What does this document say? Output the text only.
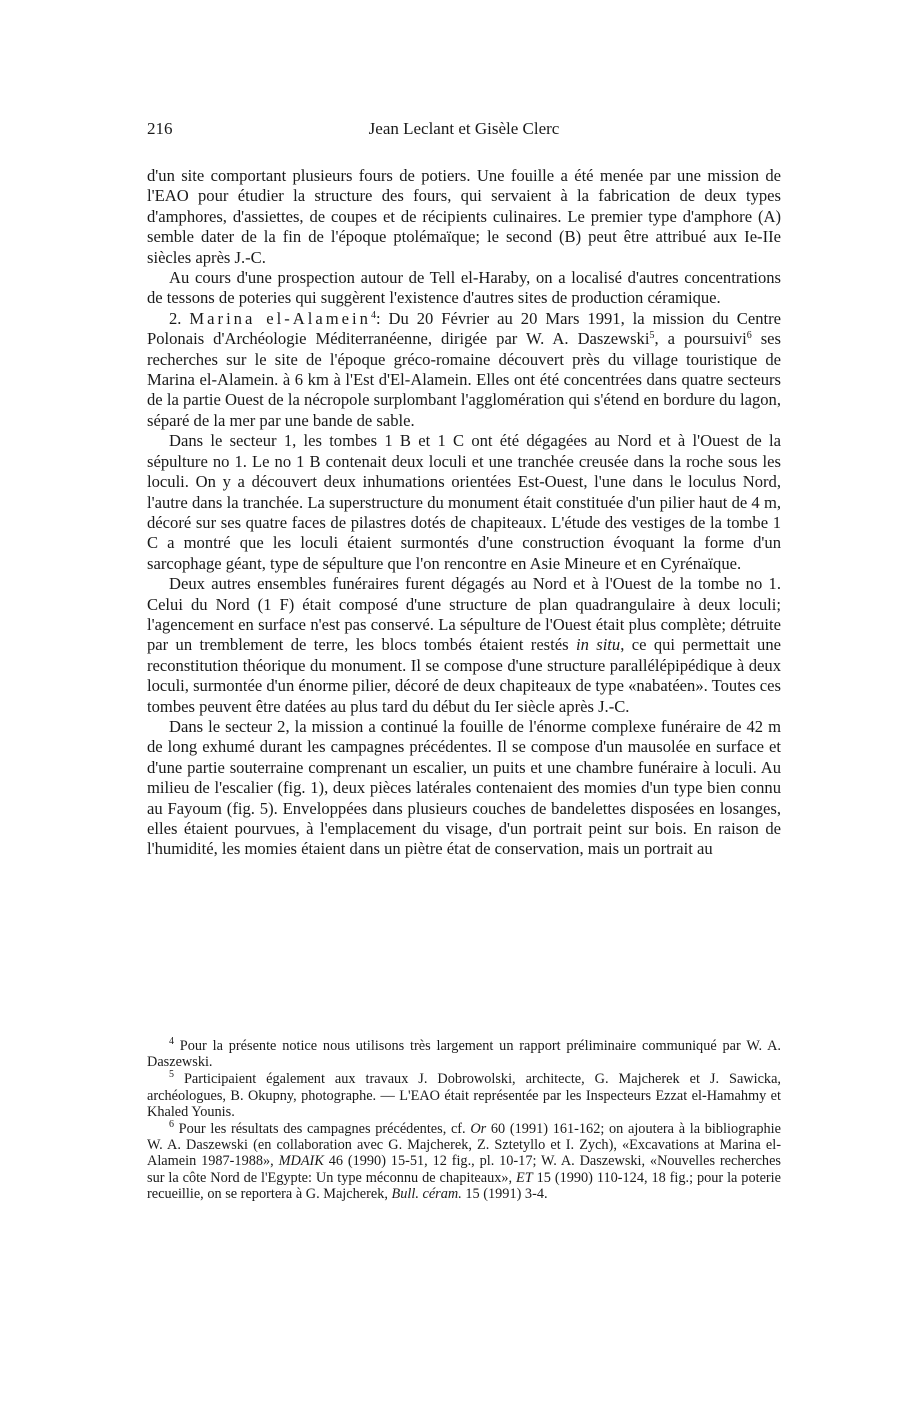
216	Jean Leclant et Gisèle Clerc

d'un site comportant plusieurs fours de potiers. Une fouille a été menée par une mission de l'EAO pour étudier la structure des fours, qui servaient à la fabrication de deux types d'amphores, d'assiettes, de coupes et de récipients culinaires. Le premier type d'amphore (A) semble dater de la fin de l'époque ptolémaïque; le second (B) peut être attribué aux Ie-IIe siècles après J.-C.

Au cours d'une prospection autour de Tell el-Haraby, on a localisé d'autres concentrations de tessons de poteries qui suggèrent l'existence d'autres sites de production céramique.

2. Marina el-Alamein$^4$: Du 20 Février au 20 Mars 1991, la mission du Centre Polonais d'Archéologie Méditerranéenne, dirigée par W. A. Daszewski$^5$, a poursuivi$^6$ ses recherches sur le site de l'époque gréco-romaine découvert près du village touristique de Marina el-Alamein. à 6 km à l'Est d'El-Alamein. Elles ont été concentrées dans quatre secteurs de la partie Ouest de la nécropole surplombant l'agglomération qui s'étend en bordure du lagon, séparé de la mer par une bande de sable.

Dans le secteur 1, les tombes 1 B et 1 C ont été dégagées au Nord et à l'Ouest de la sépulture no 1. Le no 1 B contenait deux loculi et une tranchée creusée dans la roche sous les loculi. On y a découvert deux inhumations orientées Est-Ouest, l'une dans le loculus Nord, l'autre dans la tranchée. La superstructure du monument était constituée d'un pilier haut de 4 m, décoré sur ses quatre faces de pilastres dotés de chapiteaux. L'étude des vestiges de la tombe 1 C a montré que les loculi étaient surmontés d'une construction évoquant la forme d'un sarcophage géant, type de sépulture que l'on rencontre en Asie Mineure et en Cyrénaïque.

Deux autres ensembles funéraires furent dégagés au Nord et à l'Ouest de la tombe no 1. Celui du Nord (1 F) était composé d'une structure de plan quadrangulaire à deux loculi; l'agencement en surface n'est pas conservé. La sépulture de l'Ouest était plus complète; détruite par un tremblement de terre, les blocs tombés étaient restés in situ, ce qui permettait une reconstitution théorique du monument. Il se compose d'une structure parallélépipédique à deux loculi, surmontée d'un énorme pilier, décoré de deux chapiteaux de type «nabatéen». Toutes ces tombes peuvent être datées au plus tard du début du Ier siècle après J.-C.

Dans le secteur 2, la mission a continué la fouille de l'énorme complexe funéraire de 42 m de long exhumé durant les campagnes précédentes. Il se compose d'un mausolée en surface et d'une partie souterraine comprenant un escalier, un puits et une chambre funéraire à loculi. Au milieu de l'escalier (fig. 1), deux pièces latérales contenaient des momies d'un type bien connu au Fayoum (fig. 5). Enveloppées dans plusieurs couches de bandelettes disposées en losanges, elles étaient pourvues, à l'emplacement du visage, d'un portrait peint sur bois. En raison de l'humidité, les momies étaient dans un piètre état de conservation, mais un portrait au

$^4$ Pour la présente notice nous utilisons très largement un rapport préliminaire communiqué par W. A. Daszewski.

$^5$ Participaient également aux travaux J. Dobrowolski, architecte, G. Majcherek et J. Sawicka, archéologues, B. Okupny, photographe. — L'EAO était représentée par les Inspecteurs Ezzat el-Hamahmy et Khaled Younis.

$^6$ Pour les résultats des campagnes précédentes, cf. Or 60 (1991) 161-162; on ajoutera à la bibliographie W. A. Daszewski (en collaboration avec G. Majcherek, Z. Sztetyllo et I. Zych), «Excavations at Marina el-Alamein 1987-1988», MDAIK 46 (1990) 15-51, 12 fig., pl. 10-17; W. A. Daszewski, «Nouvelles recherches sur la côte Nord de l'Egypte: Un type méconnu de chapiteaux», ET 15 (1990) 110-124, 18 fig.; pour la poterie recueillie, on se reportera à G. Majcherek, Bull. céram. 15 (1991) 3-4.
